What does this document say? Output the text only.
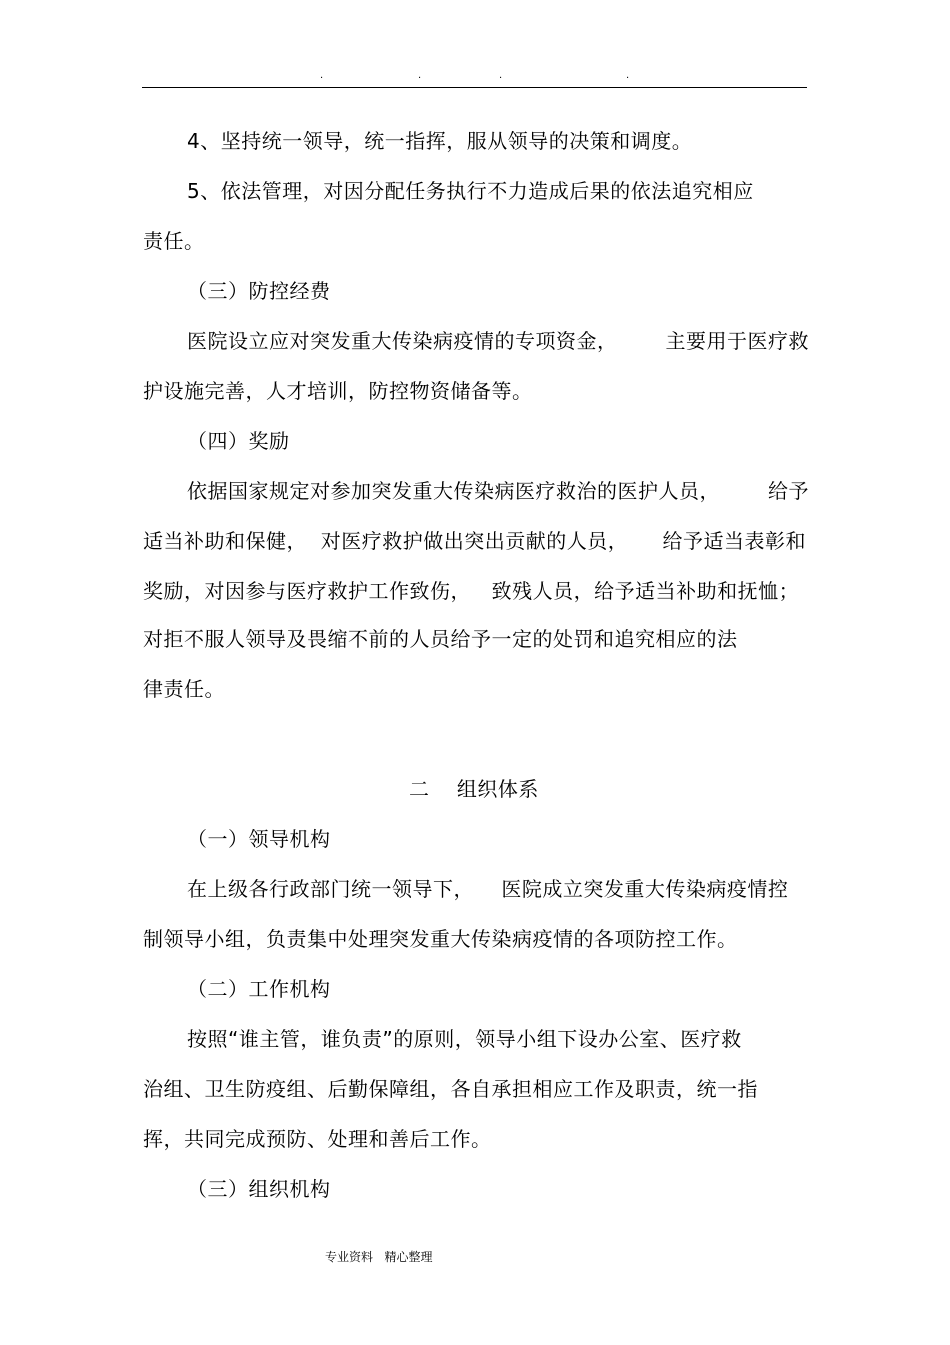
.	.	.	.
4、坚持统一领导，统一指挥，服从领导的决策和调度。
5、依法管理，对因分配任务执行不力造成后果的依法追究相应
责任。
（三）防控经费
医院设立应对突发重大传染病疫情的专项资金，       主要用于医疗救
护设施完善，人才培训，防控物资储备等。
（四）奖励
依据国家规定对参加突发重大传染病医疗救治的医护人员，       给予
适当补助和保健，  对医疗救护做出突出贡献的人员，     给予适当表彰和
奖励，对因参与医疗救护工作致伤，   致残人员，给予适当补助和抚恤；
对拒不服人领导及畏缩不前的人员给予一定的处罚和追究相应的法
律责任。
二    组织体系
（一）领导机构
在上级各行政部门统一领导下，    医院成立突发重大传染病疫情控
制领导小组，负责集中处理突发重大传染病疫情的各项防控工作。
（二）工作机构
按照“谁主管，谁负责”的原则，领导小组下设办公室、医疗救
治组、卫生防疫组、后勤保障组，各自承担相应工作及职责，统一指
挥，共同完成预防、处理和善后工作。
（三）组织机构
专业资料   精心整理
